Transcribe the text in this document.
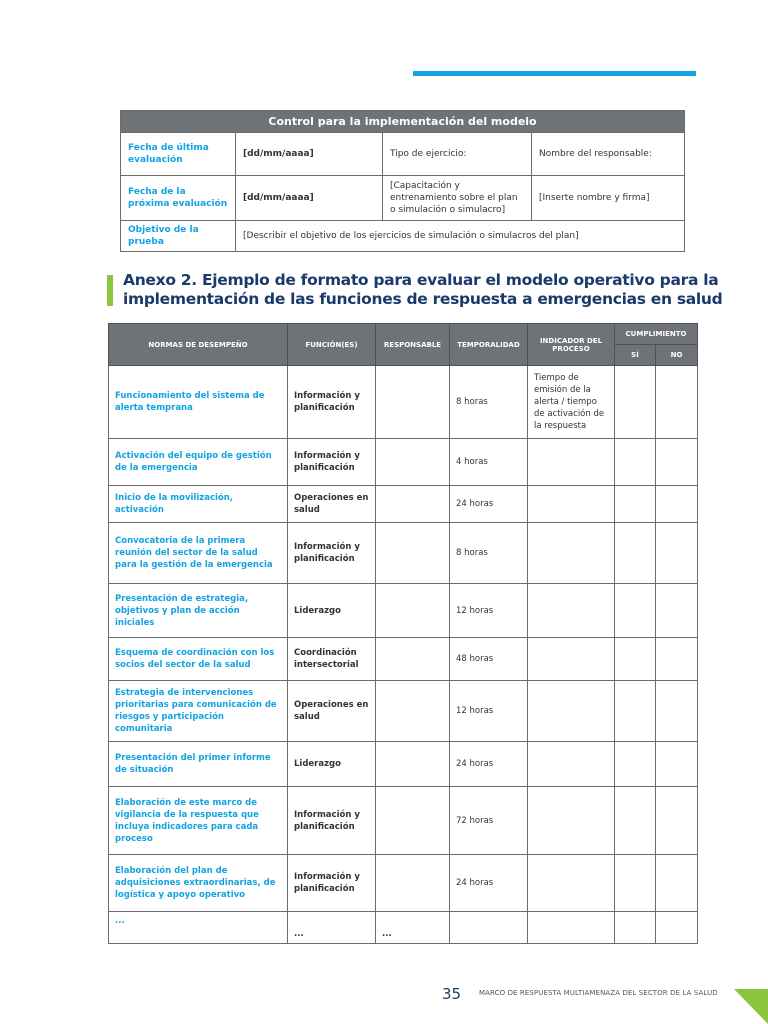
Control para la implementación del modelo			
Fecha de última evaluación	[dd/mm/aaaa]	Tipo de ejercicio:	Nombre del responsable:
Fecha de la próxima evaluación	[dd/mm/aaaa]	[Capacitación y entrenamiento sobre el plan o simulación o simulacro]	[Inserte nombre y firma]
Objetivo de la prueba	[Describir el objetivo de los ejercicios de simulación o simulacros del plan]		
Anexo 2. Ejemplo de formato para evaluar el modelo operativo para la implementación de las funciones de respuesta a emergencias en salud
NORMAS DE DESEMPEÑO	FUNCIÓN(ES)	RESPONSABLE	TEMPORALIDAD	INDICADOR DEL PROCESO	CUMPLIMIENTO	
					SÍ	NO
Funcionamiento del sistema de alerta temprana	Información y planificación		8 horas	Tiempo de emisión de la alerta / tiempo de activación de la respuesta		
Activación del equipo de gestión de la emergencia	Información y planificación		4 horas			
Inicio de la movilización, activación	Operaciones en salud		24 horas			
Convocatoria de la primera reunión del sector de la salud para la gestión de la emergencia	Información y planificación		8 horas			
Presentación de estrategia, objetivos y plan de acción iniciales	Liderazgo		12 horas			
Esquema de coordinación con los socios del sector de la salud	Coordinación intersectorial		48 horas			
Estrategia de intervenciones prioritarias para comunicación de riesgos y participación comunitaria	Operaciones en salud		12 horas			
Presentación del primer informe de situación	Liderazgo		24 horas			
Elaboración de este marco de vigilancia de la respuesta que incluya indicadores para cada proceso	Información y planificación		72 horas			
Elaboración del plan de adquisiciones extraordinarias, de logística y apoyo operativo	Información y planificación		24 horas			
...	...	...				
35	MARCO DE RESPUESTA MULTIAMENAZA DEL SECTOR DE LA SALUD
